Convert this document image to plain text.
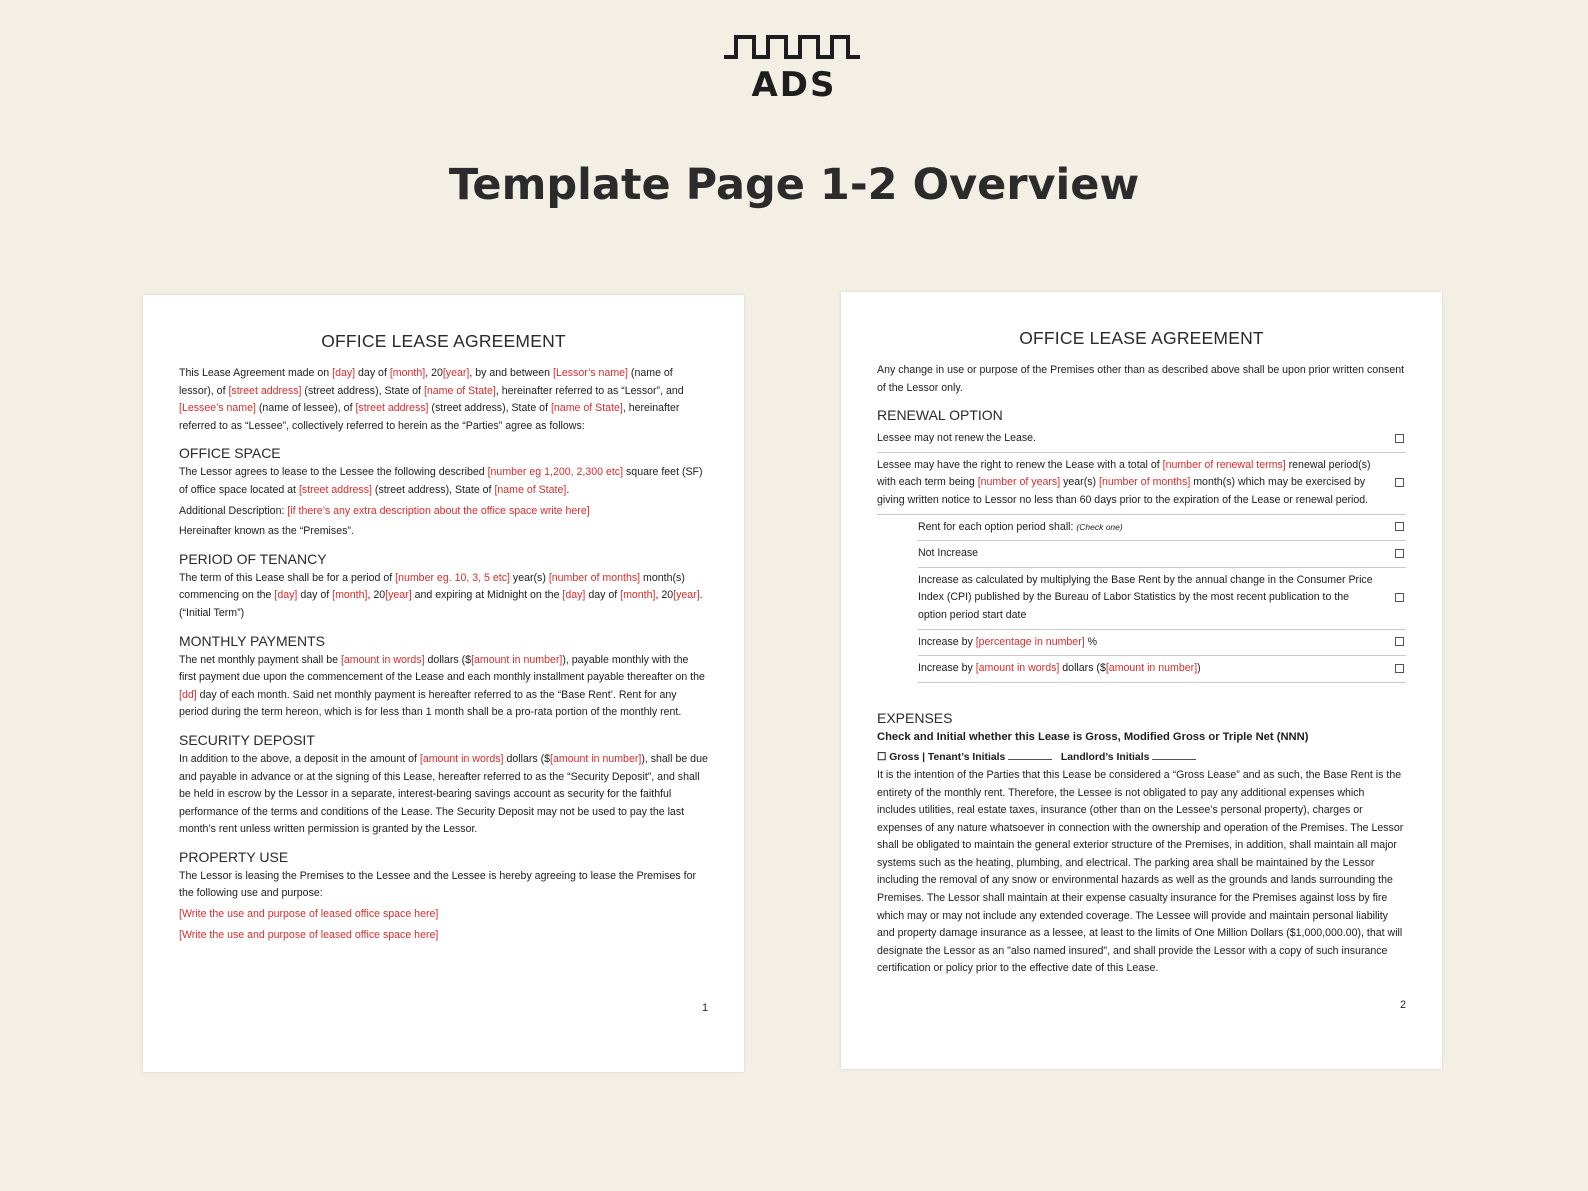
ADS
Template Page 1-2 Overview
OFFICE LEASE AGREEMENT
This Lease Agreement made on [day] day of [month], 20[year], by and between [Lessor’s name] (name of lessor), of [street address] (street address), State of [name of State], hereinafter referred to as “Lessor”, and [Lessee’s name] (name of lessee), of [street address] (street address), State of [name of State], hereinafter referred to as “Lessee”, collectively referred to herein as the “Parties” agree as follows:
OFFICE SPACE
The Lessor agrees to lease to the Lessee the following described [number eg 1,200, 2,300 etc] square feet (SF) of office space located at [street address] (street address), State of [name of State].
Additional Description: [if there’s any extra description about the office space write here]
Hereinafter known as the “Premises”.
PERIOD OF TENANCY
The term of this Lease shall be for a period of [number eg. 10, 3, 5 etc] year(s) [number of months] month(s) commencing on the [day] day of [month], 20[year] and expiring at Midnight on the [day] day of [month], 20[year]. (“Initial Term”)
MONTHLY PAYMENTS
The net monthly payment shall be [amount in words] dollars ($[amount in number]), payable monthly with the first payment due upon the commencement of the Lease and each monthly installment payable thereafter on the [dd] day of each month. Said net monthly payment is hereafter referred to as the “Base Rent’. Rent for any period during the term hereon, which is for less than 1 month shall be a pro-rata portion of the monthly rent.
SECURITY DEPOSIT
In addition to the above, a deposit in the amount of [amount in words] dollars ($[amount in number]), shall be due and payable in advance or at the signing of this Lease, hereafter referred to as the “Security Deposit”, and shall be held in escrow by the Lessor in a separate, interest-bearing savings account as security for the faithful performance of the terms and conditions of the Lease. The Security Deposit may not be used to pay the last month’s rent unless written permission is granted by the Lessor.
PROPERTY USE
The Lessor is leasing the Premises to the Lessee and the Lessee is hereby agreeing to lease the Premises for the following use and purpose:
[Write the use and purpose of leased office space here]
[Write the use and purpose of leased office space here]
1
OFFICE LEASE AGREEMENT
Any change in use or purpose of the Premises other than as described above shall be upon prior written consent of the Lessor only.
RENEWAL OPTION
Lessee may not renew the Lease.
Lessee may have the right to renew the Lease with a total of [number of renewal terms] renewal period(s) with each term being [number of years] year(s) [number of months] month(s) which may be exercised by giving written notice to Lessor no less than 60 days prior to the expiration of the Lease or renewal period.
Rent for each option period shall: (Check one)
Not Increase
Increase as calculated by multiplying the Base Rent by the annual change in the Consumer Price Index (CPI) published by the Bureau of Labor Statistics by the most recent publication to the option period start date
Increase by [percentage in number] %
Increase by [amount in words] dollars ($[amount in number])
EXPENSES
Check and Initial whether this Lease is Gross, Modified Gross or Triple Net (NNN)
☐ Gross | Tenant’s Initials	Landlord’s Initials
It is the intention of the Parties that this Lease be considered a “Gross Lease” and as such, the Base Rent is the entirety of the monthly rent. Therefore, the Lessee is not obligated to pay any additional expenses which includes utilities, real estate taxes, insurance (other than on the Lessee’s personal property), charges or expenses of any nature whatsoever in connection with the ownership and operation of the Premises. The Lessor shall be obligated to maintain the general exterior structure of the Premises, in addition, shall maintain all major systems such as the heating, plumbing, and electrical. The parking area shall be maintained by the Lessor including the removal of any snow or environmental hazards as well as the grounds and lands surrounding the Premises. The Lessor shall maintain at their expense casualty insurance for the Premises against loss by fire which may or may not include any extended coverage. The Lessee will provide and maintain personal liability and property damage insurance as a lessee, at least to the limits of One Million Dollars ($1,000,000.00), that will designate the Lessor as an "also named insured", and shall provide the Lessor with a copy of such insurance certification or policy prior to the effective date of this Lease.
2
